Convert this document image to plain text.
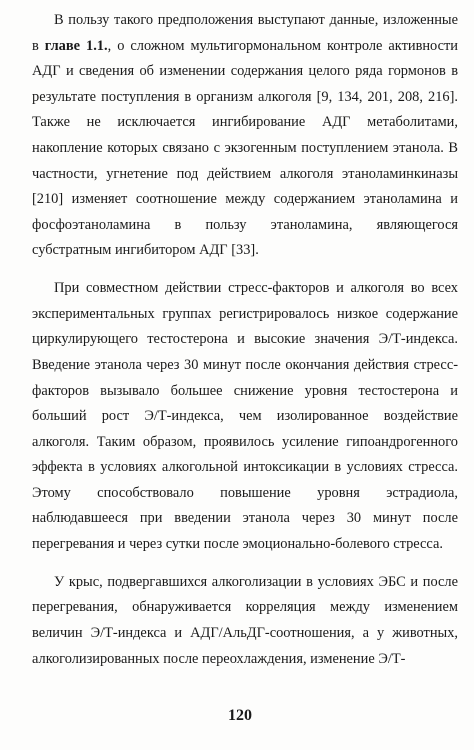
В пользу такого предположения выступают данные, изложенные в главе 1.1., о сложном мультигормональном контроле активности АДГ и сведения об изменении содержания целого ряда гормонов в результате поступления в организм алкоголя [9, 134, 201, 208, 216]. Также не исключается ингибирование АДГ метаболитами, накопление которых связано с экзогенным поступлением этанола. В частности, угнетение под действием алкоголя этаноламинкиназы [210] изменяет соотношение между содержанием этаноламина и фосфоэтаноламина в пользу этаноламина, являющегося субстратным ингибитором АДГ [33].

При совместном действии стресс-факторов и алкоголя во всех экспериментальных группах регистрировалось низкое содержание циркулирующего тестостерона и высокие значения Э/Т-индекса. Введение этанола через 30 минут после окончания действия стресс-факторов вызывало большее снижение уровня тестостерона и больший рост Э/Т-индекса, чем изолированное воздействие алкоголя. Таким образом, проявилось усиление гипоандрогенного эффекта в условиях алкогольной интоксикации в условиях стресса. Этому способствовало повышение уровня эстрадиола, наблюдавшееся при введении этанола через 30 минут после перегревания и через сутки после эмоционально-болевого стресса.

У крыс, подвергавшихся алкоголизации в условиях ЭБС и после перегревания, обнаруживается корреляция между изменением величин Э/Т-индекса и АДГ/АльДГ-соотношения, а у животных, алкоголизированных после переохлаждения, изменение Э/Т-

120
